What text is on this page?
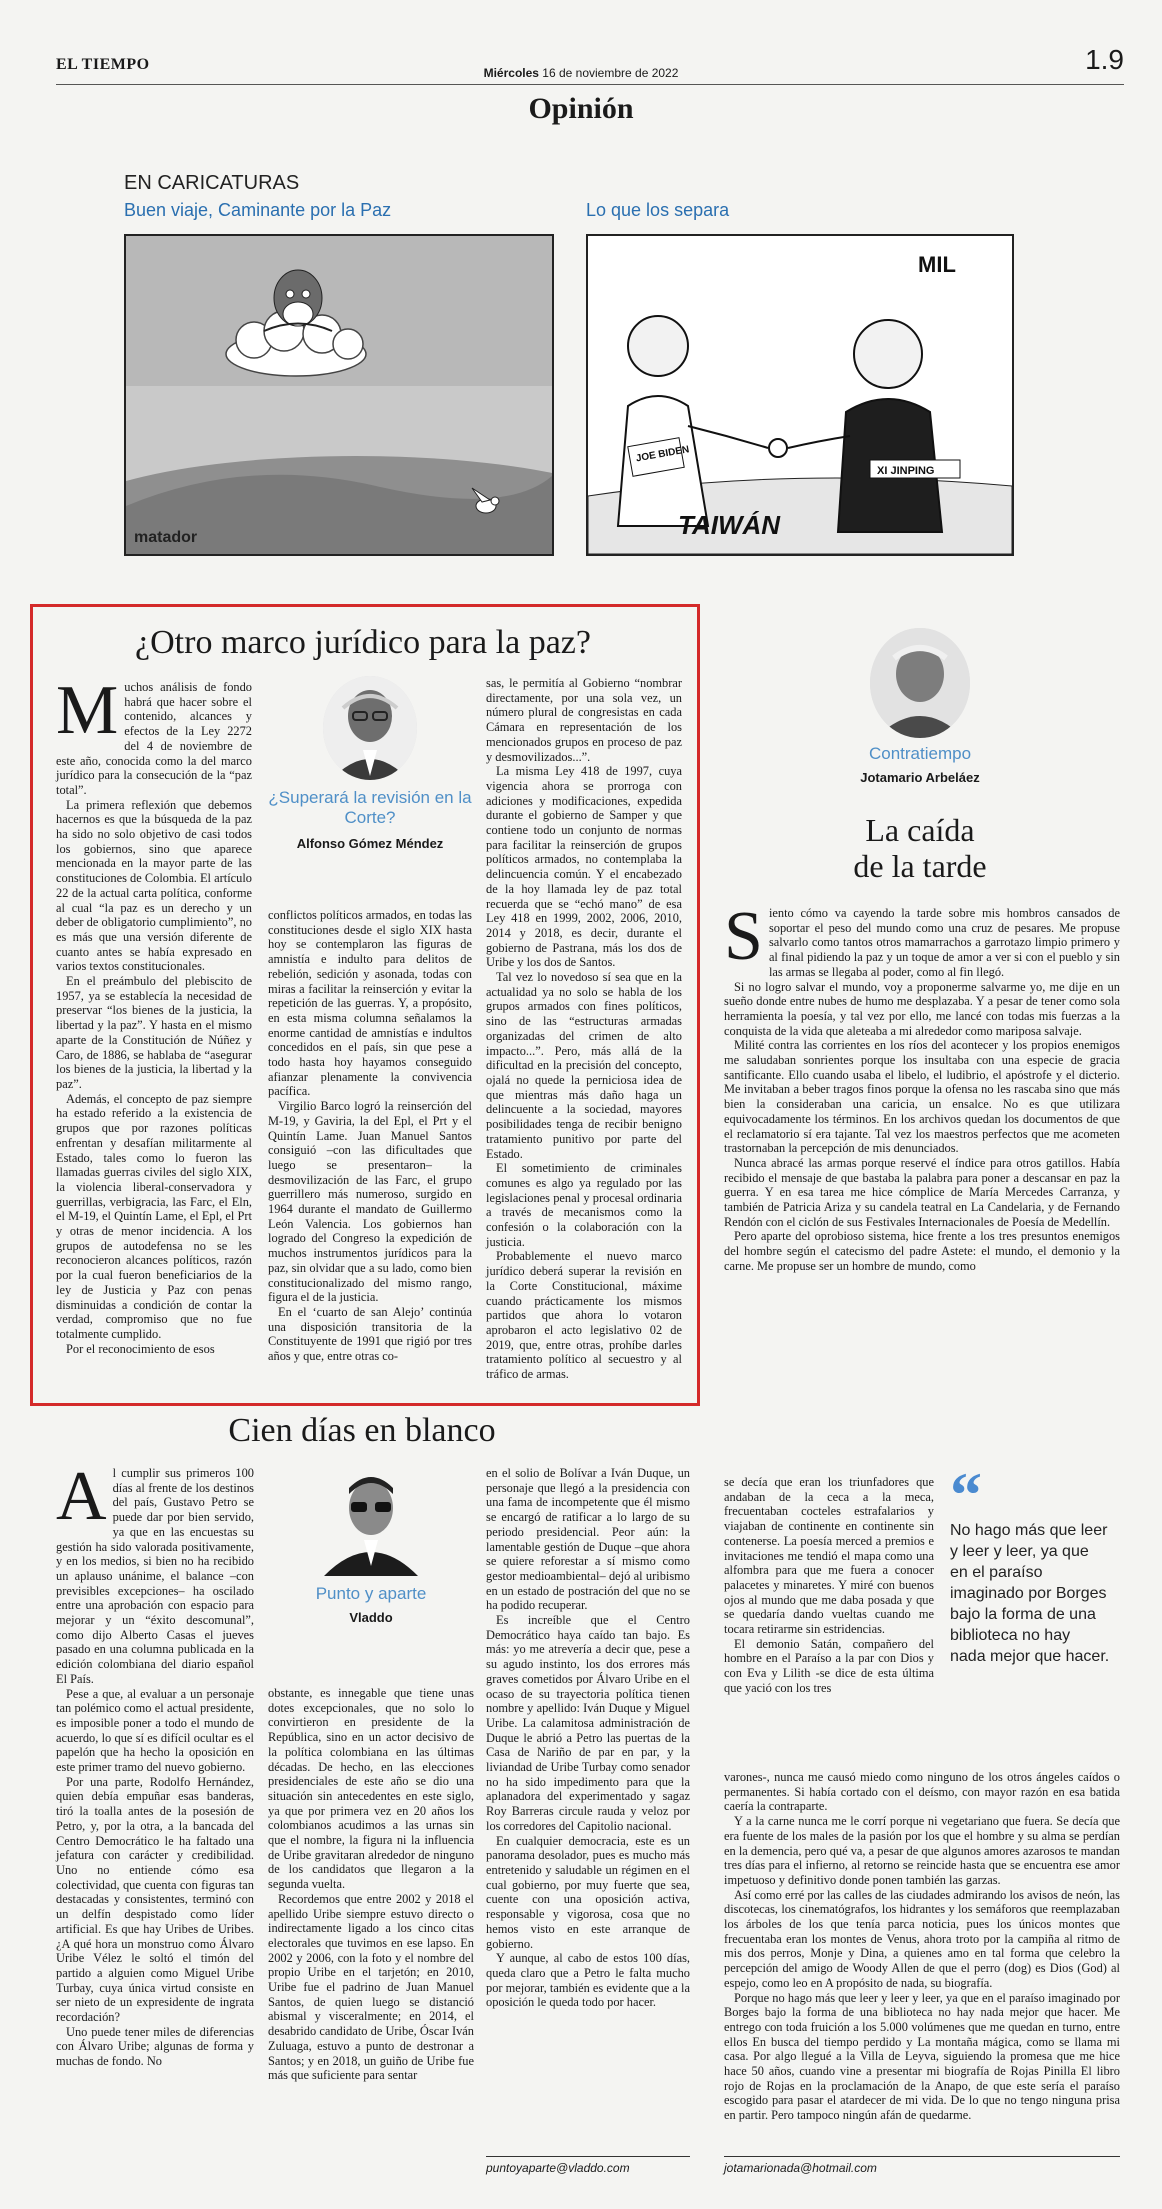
EL TIEMPO	Miércoles 16 de noviembre de 2022	1.9
Opinión
EN CARICATURAS
Buen viaje, Caminante por la Paz	Lo que los separa
matador
MIL
JOE BIDEN
XI JINPING
TAIWÁN
¿Otro marco jurídico para la paz?

Muchos análisis de fondo habrá que hacer sobre el contenido, alcances y efectos de la Ley 2272 del 4 de noviembre de este año, conocida como la del marco jurídico para la consecución de la “paz total”.

La primera reflexión que debemos hacernos es que la búsqueda de la paz ha sido no solo objetivo de casi todos los gobiernos, sino que aparece mencionada en la mayor parte de las constituciones de Colombia. El artículo 22 de la actual carta política, conforme al cual “la paz es un derecho y un deber de obligatorio cumplimiento”, no es más que una versión diferente de cuanto antes se había expresado en varios textos constitucionales.

En el preámbulo del plebiscito de 1957, ya se establecía la necesidad de preservar “los bienes de la justicia, la libertad y la paz”. Y hasta en el mismo aparte de la Constitución de Núñez y Caro, de 1886, se hablaba de “asegurar los bienes de la justicia, la libertad y la paz”.

Además, el concepto de paz siempre ha estado referido a la existencia de grupos que por razones políticas enfrentan y desafían militarmente al Estado, tales como lo fueron las llamadas guerras civiles del siglo XIX, la violencia liberal-conservadora y guerrillas, verbigracia, las Farc, el Eln, el M-19, el Quintín Lame, el Epl, el Prt y otras de menor incidencia. A los grupos de autodefensa no se les reconocieron alcances políticos, razón por la cual fueron beneficiarios de la ley de Justicia y Paz con penas disminuidas a condición de contar la verdad, compromiso que no fue totalmente cumplido.

Por el reconocimiento de esos

¿Superará la revisión en la Corte?
Alfonso Gómez Méndez

conflictos políticos armados, en todas las constituciones desde el siglo XIX hasta hoy se contemplaron las figuras de amnistía e indulto para delitos de rebelión, sedición y asonada, todas con miras a facilitar la reinserción y evitar la repetición de las guerras. Y, a propósito, en esta misma columna señalamos la enorme cantidad de amnistías e indultos concedidos en el país, sin que pese a todo hasta hoy hayamos conseguido afianzar plenamente la convivencia pacífica.

Virgilio Barco logró la reinserción del M-19, y Gaviria, la del Epl, el Prt y el Quintín Lame. Juan Manuel Santos consiguió –con las dificultades que luego se presentaron– la desmovilización de las Farc, el grupo guerrillero más numeroso, surgido en 1964 durante el mandato de Guillermo León Valencia. Los gobiernos han logrado del Congreso la expedición de muchos instrumentos jurídicos para la paz, sin olvidar que a su lado, como bien constitucionalizado del mismo rango, figura el de la justicia.

En el ‘cuarto de san Alejo’ continúa una disposición transitoria de la Constituyente de 1991 que rigió por tres años y que, entre otras co-

sas, le permitía al Gobierno “nombrar directamente, por una sola vez, un número plural de congresistas en cada Cámara en representación de los mencionados grupos en proceso de paz y desmovilizados...”.

La misma Ley 418 de 1997, cuya vigencia ahora se prorroga con adiciones y modificaciones, expedida durante el gobierno de Samper y que contiene todo un conjunto de normas para facilitar la reinserción de grupos políticos armados, no contemplaba la delincuencia común. Y el encabezado de la hoy llamada ley de paz total recuerda que se “echó mano” de esa Ley 418 en 1999, 2002, 2006, 2010, 2014 y 2018, es decir, durante el gobierno de Pastrana, más los dos de Uribe y los dos de Santos.

Tal vez lo novedoso sí sea que en la actualidad ya no solo se habla de los grupos armados con fines políticos, sino de las “estructuras armadas organizadas del crimen de alto impacto...”. Pero, más allá de la dificultad en la precisión del concepto, ojalá no quede la perniciosa idea de que mientras más daño haga un delincuente a la sociedad, mayores posibilidades tenga de recibir benigno tratamiento punitivo por parte del Estado.

El sometimiento de criminales comunes es algo ya regulado por las legislaciones penal y procesal ordinaria a través de mecanismos como la confesión o la colaboración con la justicia.

Probablemente el nuevo marco jurídico deberá superar la revisión en la Corte Constitucional, máxime cuando prácticamente los mismos partidos que ahora lo votaron aprobaron el acto legislativo 02 de 2019, que, entre otras, prohíbe darles tratamiento político al secuestro y al tráfico de armas.

Cien días en blanco

Al cumplir sus primeros 100 días al frente de los destinos del país, Gustavo Petro se puede dar por bien servido, ya que en las encuestas su gestión ha sido valorada positivamente, y en los medios, si bien no ha recibido un aplauso unánime, el balance –con previsibles excepciones– ha oscilado entre una aprobación con espacio para mejorar y un “éxito descomunal”, como dijo Alberto Casas el jueves pasado en una columna publicada en la edición colombiana del diario español El País.

Pese a que, al evaluar a un personaje tan polémico como el actual presidente, es imposible poner a todo el mundo de acuerdo, lo que sí es difícil ocultar es el papelón que ha hecho la oposición en este primer tramo del nuevo gobierno.

Por una parte, Rodolfo Hernández, quien debía empuñar esas banderas, tiró la toalla antes de la posesión de Petro, y, por la otra, a la bancada del Centro Democrático le ha faltado una jefatura con carácter y credibilidad. Uno no entiende cómo esa colectividad, que cuenta con figuras tan destacadas y consistentes, terminó con un delfín despistado como líder artificial. Es que hay Uribes de Uribes. ¿A qué hora un monstruo como Álvaro Uribe Vélez le soltó el timón del partido a alguien como Miguel Uribe Turbay, cuya única virtud consiste en ser nieto de un expresidente de ingrata recordación?

Uno puede tener miles de diferencias con Álvaro Uribe; algunas de forma y muchas de fondo. No

Punto y aparte
Vladdo

obstante, es innegable que tiene unas dotes excepcionales, que no solo lo convirtieron en presidente de la República, sino en un actor decisivo de la política colombiana en las últimas décadas. De hecho, en las elecciones presidenciales de este año se dio una situación sin antecedentes en este siglo, ya que por primera vez en 20 años los colombianos acudimos a las urnas sin que el nombre, la figura ni la influencia de Uribe gravitaran alrededor de ninguno de los candidatos que llegaron a la segunda vuelta.

Recordemos que entre 2002 y 2018 el apellido Uribe siempre estuvo directo o indirectamente ligado a los cinco citas electorales que tuvimos en ese lapso. En 2002 y 2006, con la foto y el nombre del propio Uribe en el tarjetón; en 2010, Uribe fue el padrino de Juan Manuel Santos, de quien luego se distanció abismal y visceralmente; en 2014, el desabrido candidato de Uribe, Óscar Iván Zuluaga, estuvo a punto de destronar a Santos; y en 2018, un guiño de Uribe fue más que suficiente para sentar

en el solio de Bolívar a Iván Duque, un personaje que llegó a la presidencia con una fama de incompetente que él mismo se encargó de ratificar a lo largo de su periodo presidencial. Peor aún: la lamentable gestión de Duque –que ahora se quiere reforestar a sí mismo como gestor medioambiental– dejó al uribismo en un estado de postración del que no se ha podido recuperar.

Es increíble que el Centro Democrático haya caído tan bajo. Es más: yo me atrevería a decir que, pese a su agudo instinto, los dos errores más graves cometidos por Álvaro Uribe en el ocaso de su trayectoria política tienen nombre y apellido: Iván Duque y Miguel Uribe. La calamitosa administración de Duque le abrió a Petro las puertas de la Casa de Nariño de par en par, y la liviandad de Uribe Turbay como senador no ha sido impedimento para que la aplanadora del experimentado y sagaz Roy Barreras circule rauda y veloz por los corredores del Capitolio nacional.

En cualquier democracia, este es un panorama desolador, pues es mucho más entretenido y saludable un régimen en el cual gobierno, por muy fuerte que sea, cuente con una oposición activa, responsable y vigorosa, cosa que no hemos visto en este arranque de gobierno.

Y aunque, al cabo de estos 100 días, queda claro que a Petro le falta mucho por mejorar, también es evidente que a la oposición le queda todo por hacer.

puntoyaparte@vladdo.com
Contratiempo
Jotamario Arbeláez
La caída
de la tarde

Siento cómo va cayendo la tarde sobre mis hombros cansados de soportar el peso del mundo como una cruz de pesares. Me propuse salvarlo como tantos otros mamarrachos a garrotazo limpio primero y al final pidiendo la paz y un toque de amor a ver si con el pueblo y sin las armas se llegaba al poder, como al fin llegó.

Si no logro salvar el mundo, voy a proponerme salvarme yo, me dije en un sueño donde entre nubes de humo me desplazaba. Y a pesar de tener como sola herramienta la poesía, y tal vez por ello, me lancé con todas mis fuerzas a la conquista de la vida que aleteaba a mi alrededor como mariposa salvaje.

Milité contra las corrientes en los ríos del acontecer y los propios enemigos me saludaban sonrientes porque los insultaba con una especie de gracia santificante. Ello cuando usaba el libelo, el ludibrio, el apóstrofe y el dicterio. Me invitaban a beber tragos finos porque la ofensa no les rascaba sino que más bien la consideraban una caricia, un ensalce. No es que utilizara equivocadamente los términos. En los archivos quedan los documentos de que el reclamatorio sí era tajante. Tal vez los maestros perfectos que me acometen trastornaban la percepción de mis denunciados.

Nunca abracé las armas porque reservé el índice para otros gatillos. Había recibido el mensaje de que bastaba la palabra para poner a descansar en paz la guerra. Y en esa tarea me hice cómplice de María Mercedes Carranza, y también de Patricia Ariza y su candela teatral en La Candelaria, y de Fernando Rendón con el ciclón de sus Festivales Internacionales de Poesía de Medellín.

Pero aparte del oprobioso sistema, hice frente a los tres presuntos enemigos del hombre según el catecismo del padre Astete: el mundo, el demonio y la carne. Me propuse ser un hombre de mundo, como

se decía que eran los triunfadores que andaban de la ceca a la meca, frecuentaban cocteles estrafalarios y viajaban de continente en continente sin contenerse. La poesía merced a premios e invitaciones me tendió el mapa como una alfombra para que me fuera a conocer palacetes y minaretes. Y miré con buenos ojos al mundo que me daba posada y que se quedaría dando vueltas cuando me tocara retirarme sin estridencias.

El demonio Satán, compañero del hombre en el Paraíso a la par con Dios y con Eva y Lilith -se dice de esta última que yació con los tres

“
No hago más que leer y leer y leer, ya que en el paraíso imaginado por Borges bajo la forma de una biblioteca no hay nada mejor que hacer.

varones-, nunca me causó miedo como ninguno de los otros ángeles caídos o permanentes. Si había cortado con el deísmo, con mayor razón en esa batida caería la contraparte.

Y a la carne nunca me le corrí porque ni vegetariano que fuera. Se decía que era fuente de los males de la pasión por los que el hombre y su alma se perdían en la demencia, pero qué va, a pesar de que algunos amores azarosos te mandan tres días para el infierno, al retorno se reincide hasta que se encuentra ese amor impetuoso y definitivo donde ponen también las garzas.

Así como erré por las calles de las ciudades admirando los avisos de neón, las discotecas, los cinematógrafos, los hidrantes y los semáforos que reemplazaban los árboles de los que tenía parca noticia, pues los únicos montes que frecuentaba eran los montes de Venus, ahora troto por la campiña al ritmo de mis dos perros, Monje y Dina, a quienes amo en tal forma que celebro la percepción del amigo de Woody Allen de que el perro (dog) es Dios (God) al espejo, como leo en A propósito de nada, su biografía.

Porque no hago más que leer y leer y leer, ya que en el paraíso imaginado por Borges bajo la forma de una biblioteca no hay nada mejor que hacer. Me entrego con toda fruición a los 5.000 volúmenes que me quedan en turno, entre ellos En busca del tiempo perdido y La montaña mágica, como se llama mi casa. Por algo llegué a la Villa de Leyva, siguiendo la promesa que me hice hace 50 años, cuando vine a presentar mi biografía de Rojas Pinilla El libro rojo de Rojas en la proclamación de la Anapo, de que este sería el paraíso escogido para pasar el atardecer de mi vida. De lo que no tengo ninguna prisa en partir. Pero tampoco ningún afán de quedarme.

jotamarionada@hotmail.com
